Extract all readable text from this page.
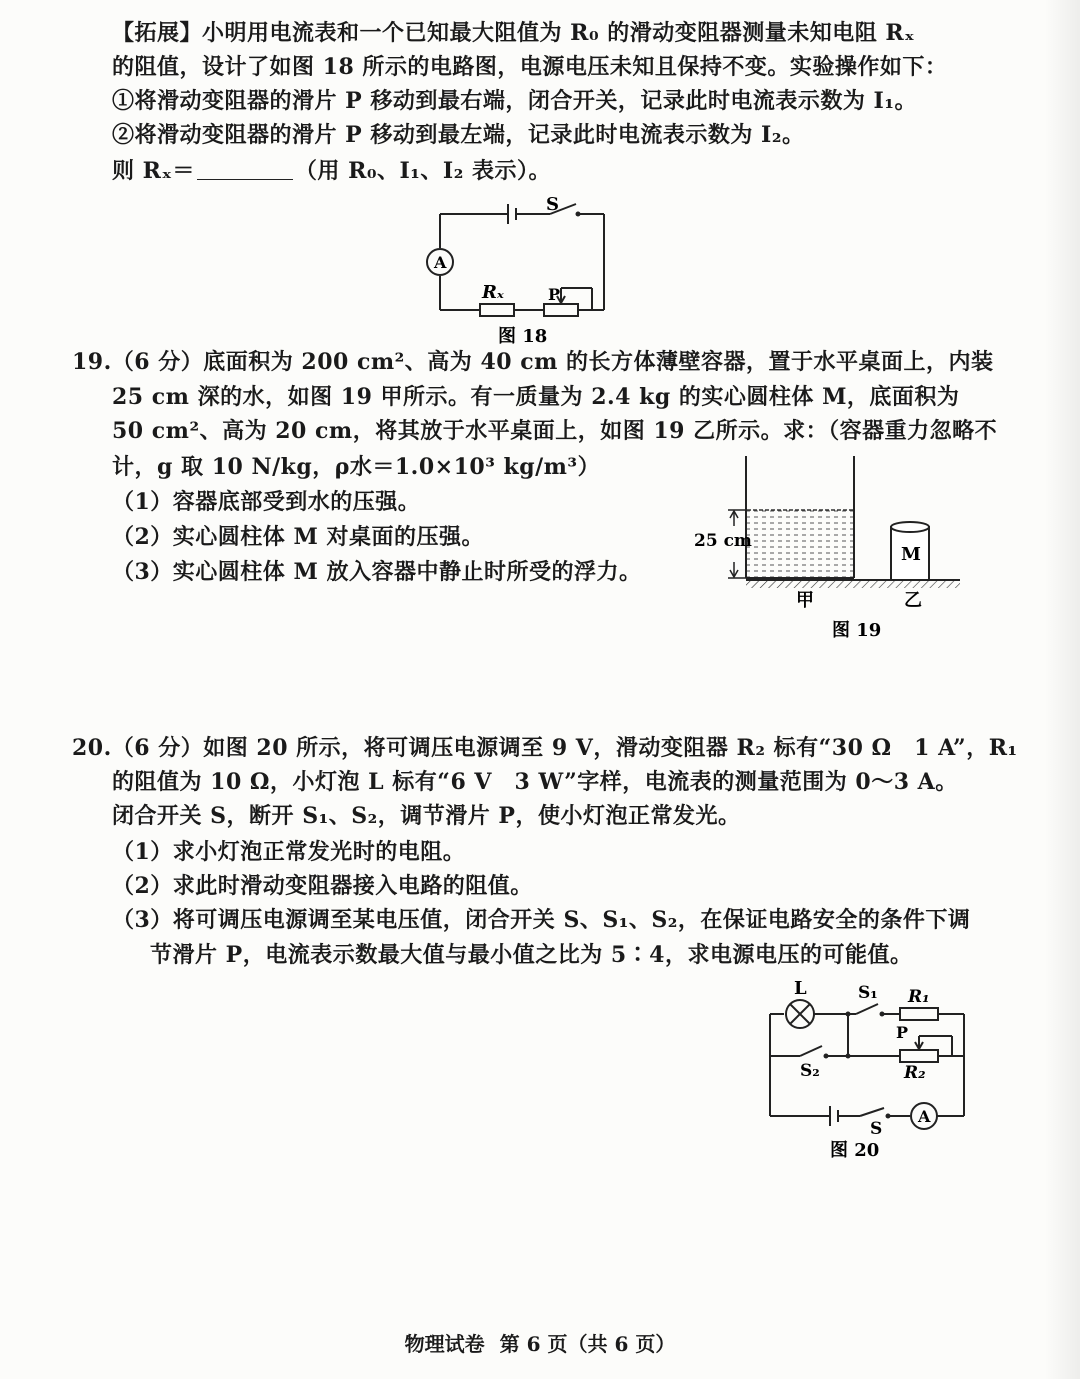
【拓展】小明用电流表和一个已知最大阻值为 R₀ 的滑动变阻器测量未知电阻 Rₓ
的阻值，设计了如图 18 所示的电路图，电源电压未知且保持不变。实验操作如下：
①将滑动变阻器的滑片 P 移动到最右端，闭合开关，记录此时电流表示数为 I₁。
②将滑动变阻器的滑片 P 移动到最左端，记录此时电流表示数为 I₂。
则 Rₓ＝	（用 R₀、I₁、I₂ 表示）。
S
A
Rₓ	P
图 18
19.（6 分）底面积为 200 cm²、高为 40 cm 的长方体薄壁容器，置于水平桌面上，内装
25 cm 深的水，如图 19 甲所示。有一质量为 2.4 kg 的实心圆柱体 M，底面积为
50 cm²、高为 20 cm，将其放于水平桌面上，如图 19 乙所示。求：（容器重力忽略不
计，g 取 10 N/kg，ρ水＝1.0×10³ kg/m³）
（1）容器底部受到水的压强。
（2）实心圆柱体 M 对桌面的压强。
（3）实心圆柱体 M 放入容器中静止时所受的浮力。
25 cm
M
甲	乙
图 19
20.（6 分）如图 20 所示，将可调压电源调至 9 V，滑动变阻器 R₂ 标有“30 Ω　1 A”，R₁
的阻值为 10 Ω，小灯泡 L 标有“6 V　3 W”字样，电流表的测量范围为 0～3 A。
闭合开关 S，断开 S₁、S₂，调节滑片 P，使小灯泡正常发光。
（1）求小灯泡正常发光时的电阻。
（2）求此时滑动变阻器接入电路的阻值。
（3）将可调压电源调至某电压值，闭合开关 S、S₁、S₂，在保证电路安全的条件下调
节滑片 P，电流表示数最大值与最小值之比为 5∶4，求电源电压的可能值。
L	S₁ R₁
P
S₂	R₂
S
A
图 20
物理试卷 第 6 页（共 6 页）
